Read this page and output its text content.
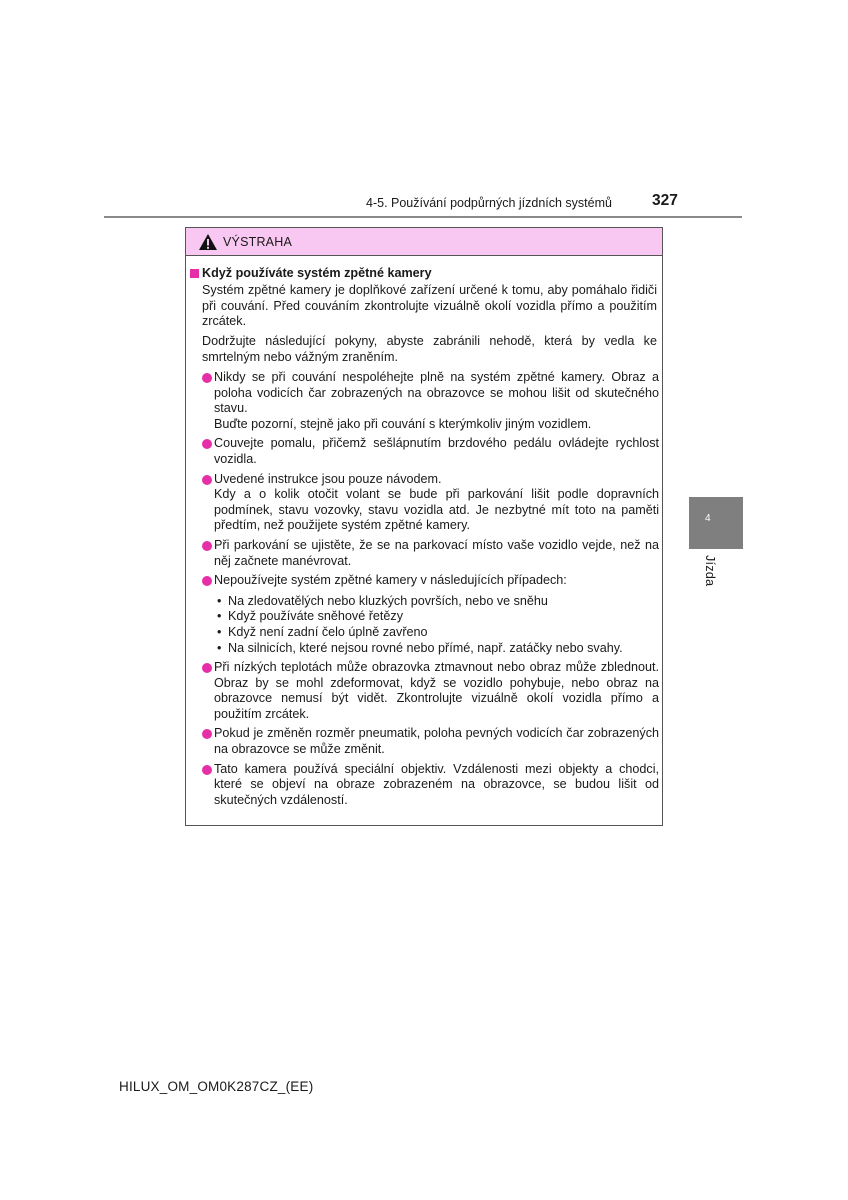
4-5. Používání podpůrných jízdních systémů	327
4
Jízda
VÝSTRAHA
Když používáte systém zpětné kamery

Systém zpětné kamery je doplňkové zařízení určené k tomu, aby pomáhalo řidiči při couvání. Před couváním zkontrolujte vizuálně okolí vozidla přímo a použitím zrcátek.

Dodržujte následující pokyny, abyste zabránili nehodě, která by vedla ke smrtelným nebo vážným zraněním.

Nikdy se při couvání nespoléhejte plně na systém zpětné kamery. Obraz a poloha vodicích čar zobrazených na obrazovce se mohou lišit od skutečného stavu.
Buďte pozorní, stejně jako při couvání s kterýmkoliv jiným vozidlem.
Couvejte pomalu, přičemž sešlápnutím brzdového pedálu ovládejte rychlost vozidla.
Uvedené instrukce jsou pouze návodem.
Kdy a o kolik otočit volant se bude při parkování lišit podle dopravních podmínek, stavu vozovky, stavu vozidla atd. Je nezbytné mít toto na paměti předtím, než použijete systém zpětné kamery.
Při parkování se ujistěte, že se na parkovací místo vaše vozidlo vejde, než na něj začnete manévrovat.
Nepoužívejte systém zpětné kamery v následujících případech:
• Na zledovatělých nebo kluzkých površích, nebo ve sněhu
• Když používáte sněhové řetězy
• Když není zadní čelo úplně zavřeno
• Na silnicích, které nejsou rovné nebo přímé, např. zatáčky nebo svahy.
Při nízkých teplotách může obrazovka ztmavnout nebo obraz může zblednout. Obraz by se mohl zdeformovat, když se vozidlo pohybuje, nebo obraz na obrazovce nemusí být vidět. Zkontrolujte vizuálně okolí vozidla přímo a použitím zrcátek.
Pokud je změněn rozměr pneumatik, poloha pevných vodicích čar zobrazených na obrazovce se může změnit.
Tato kamera používá speciální objektiv. Vzdálenosti mezi objekty a chodci, které se objeví na obraze zobrazeném na obrazovce, se budou lišit od skutečných vzdáleností.
HILUX_OM_OM0K287CZ_(EE)
